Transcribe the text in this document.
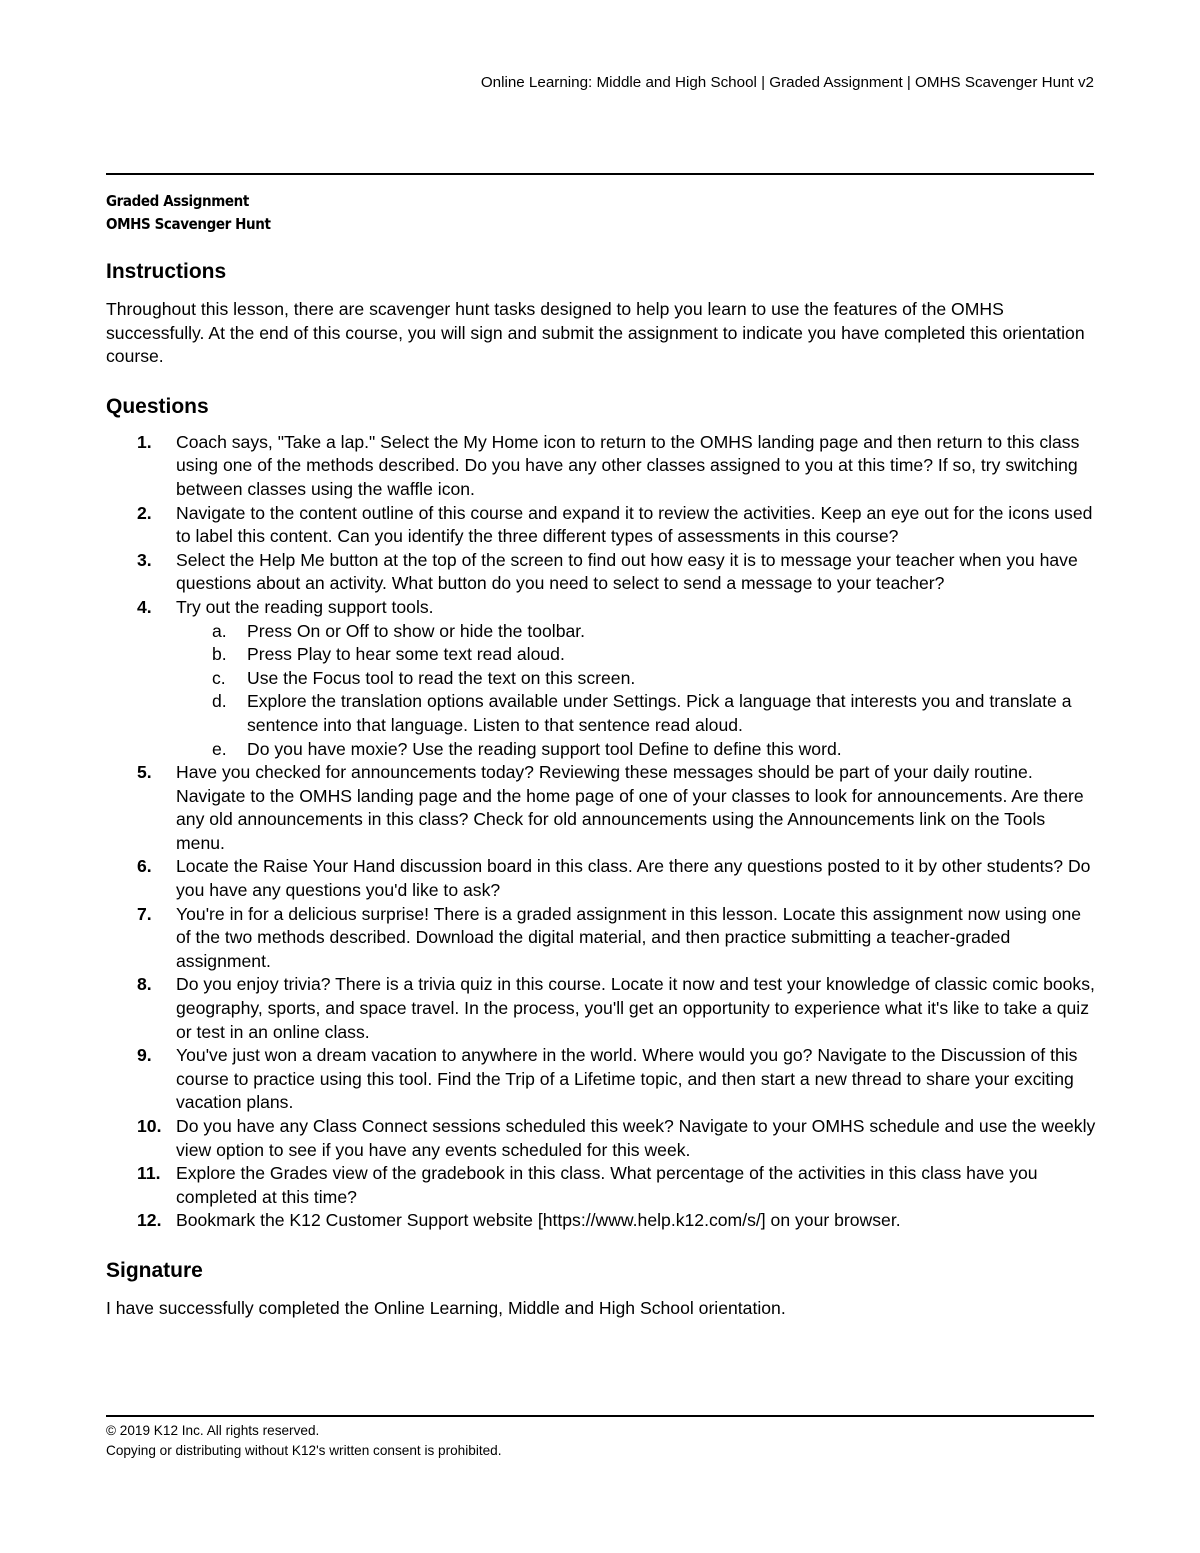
Online Learning: Middle and High School | Graded Assignment | OMHS Scavenger Hunt v2
Graded Assignment
OMHS Scavenger Hunt
Instructions

Throughout this lesson, there are scavenger hunt tasks designed to help you learn to use the features of the OMHS successfully. At the end of this course, you will sign and submit the assignment to indicate you have completed this orientation course.

Questions
1.	Coach says, "Take a lap." Select the My Home icon to return to the OMHS landing page and then return to this class using one of the methods described. Do you have any other classes assigned to you at this time? If so, try switching between classes using the waffle icon.
2.	Navigate to the content outline of this course and expand it to review the activities. Keep an eye out for the icons used to label this content. Can you identify the three different types of assessments in this course?
3.	Select the Help Me button at the top of the screen to find out how easy it is to message your teacher when you have questions about an activity. What button do you need to select to send a message to your teacher?
4.	Try out the reading support tools.
a. Press On or Off to show or hide the toolbar.
b. Press Play to hear some text read aloud.
c. Use the Focus tool to read the text on this screen.
d. Explore the translation options available under Settings. Pick a language that interests you and translate a sentence into that language. Listen to that sentence read aloud.
e. Do you have moxie? Use the reading support tool Define to define this word.
5.	Have you checked for announcements today? Reviewing these messages should be part of your daily routine. Navigate to the OMHS landing page and the home page of one of your classes to look for announcements. Are there any old announcements in this class? Check for old announcements using the Announcements link on the Tools menu.
6.	Locate the Raise Your Hand discussion board in this class. Are there any questions posted to it by other students? Do you have any questions you'd like to ask?
7.	You're in for a delicious surprise! There is a graded assignment in this lesson. Locate this assignment now using one of the two methods described. Download the digital material, and then practice submitting a teacher-graded assignment.
8.	Do you enjoy trivia? There is a trivia quiz in this course. Locate it now and test your knowledge of classic comic books, geography, sports, and space travel. In the process, you'll get an opportunity to experience what it's like to take a quiz or test in an online class.
9.	You've just won a dream vacation to anywhere in the world. Where would you go? Navigate to the Discussion of this course to practice using this tool. Find the Trip of a Lifetime topic, and then start a new thread to share your exciting vacation plans.
10. Do you have any Class Connect sessions scheduled this week? Navigate to your OMHS schedule and use the weekly view option to see if you have any events scheduled for this week.
11. Explore the Grades view of the gradebook in this class. What percentage of the activities in this class have you completed at this time?
12. Bookmark the K12 Customer Support website [https://www.help.k12.com/s/] on your browser.
Signature

I have successfully completed the Online Learning, Middle and High School orientation.

© 2019 K12 Inc. All rights reserved.
Copying or distributing without K12's written consent is prohibited.
